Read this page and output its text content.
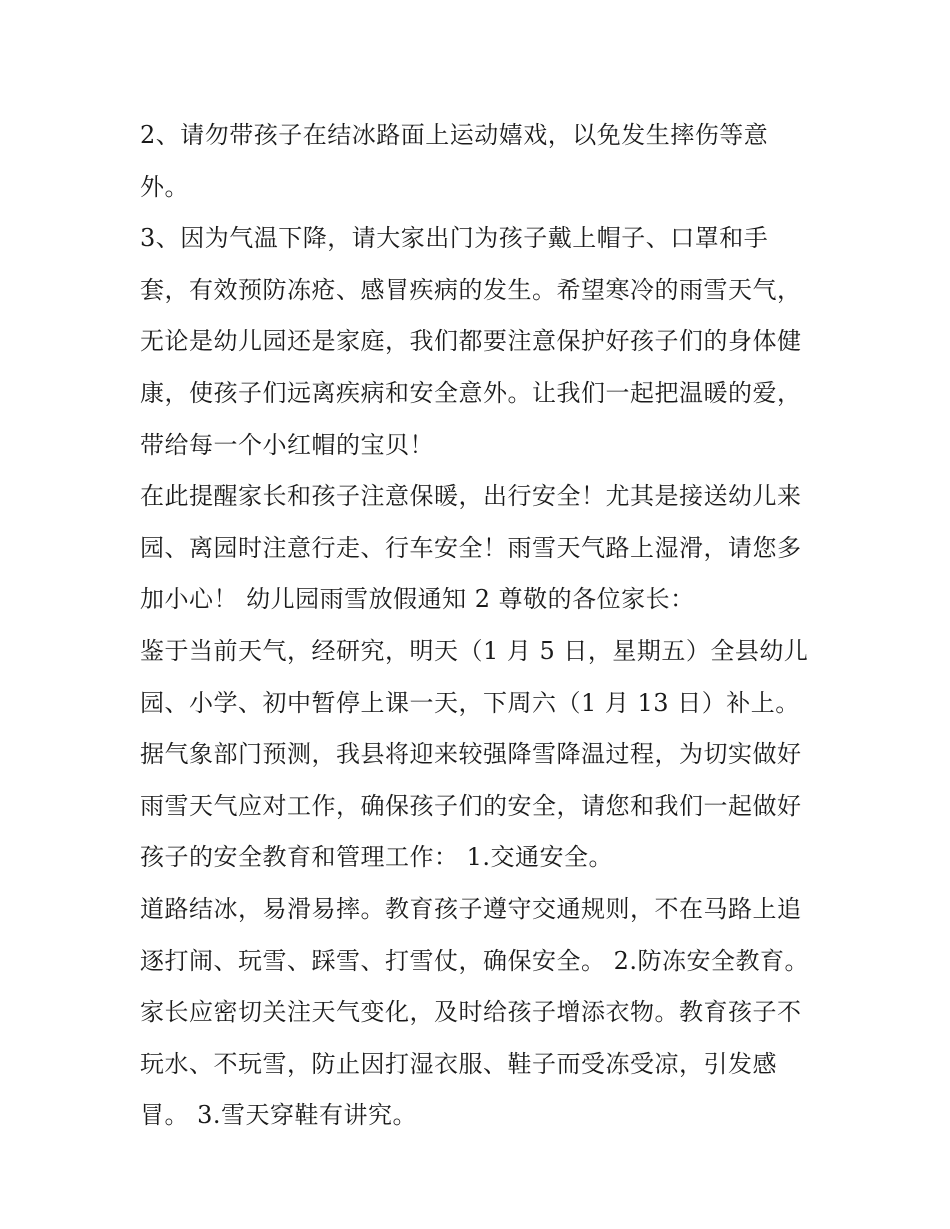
2、请勿带孩子在结冰路面上运动嬉戏，以免发生摔伤等意
外。
3、因为气温下降，请大家出门为孩子戴上帽子、口罩和手
套，有效预防冻疮、感冒疾病的发生。希望寒冷的雨雪天气，
无论是幼儿园还是家庭，我们都要注意保护好孩子们的身体健
康，使孩子们远离疾病和安全意外。让我们一起把温暖的爱，
带给每一个小红帽的宝贝！
在此提醒家长和孩子注意保暖，出行安全！尤其是接送幼儿来
园、离园时注意行走、行车安全！雨雪天气路上湿滑，请您多
加小心！ 幼儿园雨雪放假通知 2 尊敬的各位家长：
鉴于当前天气，经研究，明天（1 月 5 日，星期五）全县幼儿
园、小学、初中暂停上课一天，下周六（1 月 13 日）补上。
据气象部门预测，我县将迎来较强降雪降温过程，为切实做好
雨雪天气应对工作，确保孩子们的安全，请您和我们一起做好
孩子的安全教育和管理工作： 1.交通安全。
道路结冰，易滑易摔。教育孩子遵守交通规则，不在马路上追
逐打闹、玩雪、踩雪、打雪仗，确保安全。 2.防冻安全教育。
家长应密切关注天气变化，及时给孩子增添衣物。教育孩子不
玩水、不玩雪，防止因打湿衣服、鞋子而受冻受凉，引发感
冒。 3.雪天穿鞋有讲究。
